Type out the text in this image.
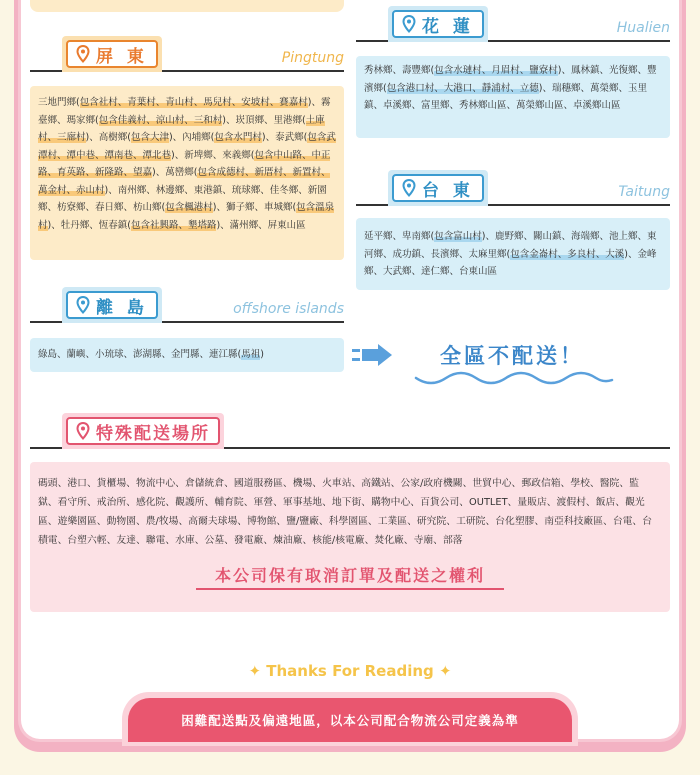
屏 東	Pingtung
三地門鄉(包含社村、青葉村、青山村、馬兒村、安坡村、賽嘉村)、霧臺鄉、瑪家鄉(包含佳義村、涼山村、三和村)、崁頂鄉、里港鄉(土庫村、三廍村)、高樹鄉(包含大津)、內埔鄉(包含水門村)、泰武鄉(包含武潭村、潭中巷、潭南巷、潭北巷)、新埤鄉、來義鄉(包含中山路、中正路、育英路、新隆路、望嘉)、萬巒鄉(包含成德村、新厝村、新置村、萬金村、赤山村)、南州鄉、林邊鄉、東港鎮、琉球鄉、佳冬鄉、新園鄉、枋寮鄉、春日鄉、枋山鄉(包含楓港村)、獅子鄉、車城鄉(包含溫泉村)、牡丹鄉、恆春鎮(包含社興路、墾塔路)、滿州鄉、屏東山區
花 蓮	Hualien
秀林鄉、壽豐鄉(包含水璉村、月眉村、鹽寮村)、鳳林鎮、光復鄉、豐濱鄉(包含港口村、大港口、靜浦村、立德)、瑞穗鄉、萬榮鄉、玉里鎮、卓溪鄉、富里鄉、秀林鄉山區、萬榮鄉山區、卓溪鄉山區
台 東	Taitung
延平鄉、卑南鄉(包含富山村)、鹿野鄉、關山鎮、海端鄉、池上鄉、東河鄉、成功鎮、長濱鄉、太麻里鄉(包含金崙村、多良村、大溪)、金峰鄉、大武鄉、達仁鄉、台東山區
離 島	offshore islands
綠島、蘭嶼、小琉球、澎湖縣、金門縣、連江縣(馬祖)	全區不配送！
特殊配送場所
碼頭、港口、貨櫃場、物流中心、倉儲統倉、國道服務區、機場、火車站、高鐵站、公家/政府機關、世貿中心、郵政信箱、學校、醫院、監獄、看守所、戒治所、感化院、觀護所、輔育院、軍營、軍事基地、地下街、購物中心、百貨公司、OUTLET、量販店、渡假村、飯店、觀光區、遊樂園區、動物園、農/牧場、高爾夫球場、博物館、鹽/鹽廠、科學園區、工業區、研究院、工研院、台化塑膠、南亞科技廠區、台電、台積電、台塑六輕、友達、聯電、水庫、公墓、發電廠、煉油廠、核能/核電廠、焚化廠、寺廟、部落
本公司保有取消訂單及配送之權利
✦ Thanks For Reading ✦
困難配送點及偏遠地區，以本公司配合物流公司定義為準
